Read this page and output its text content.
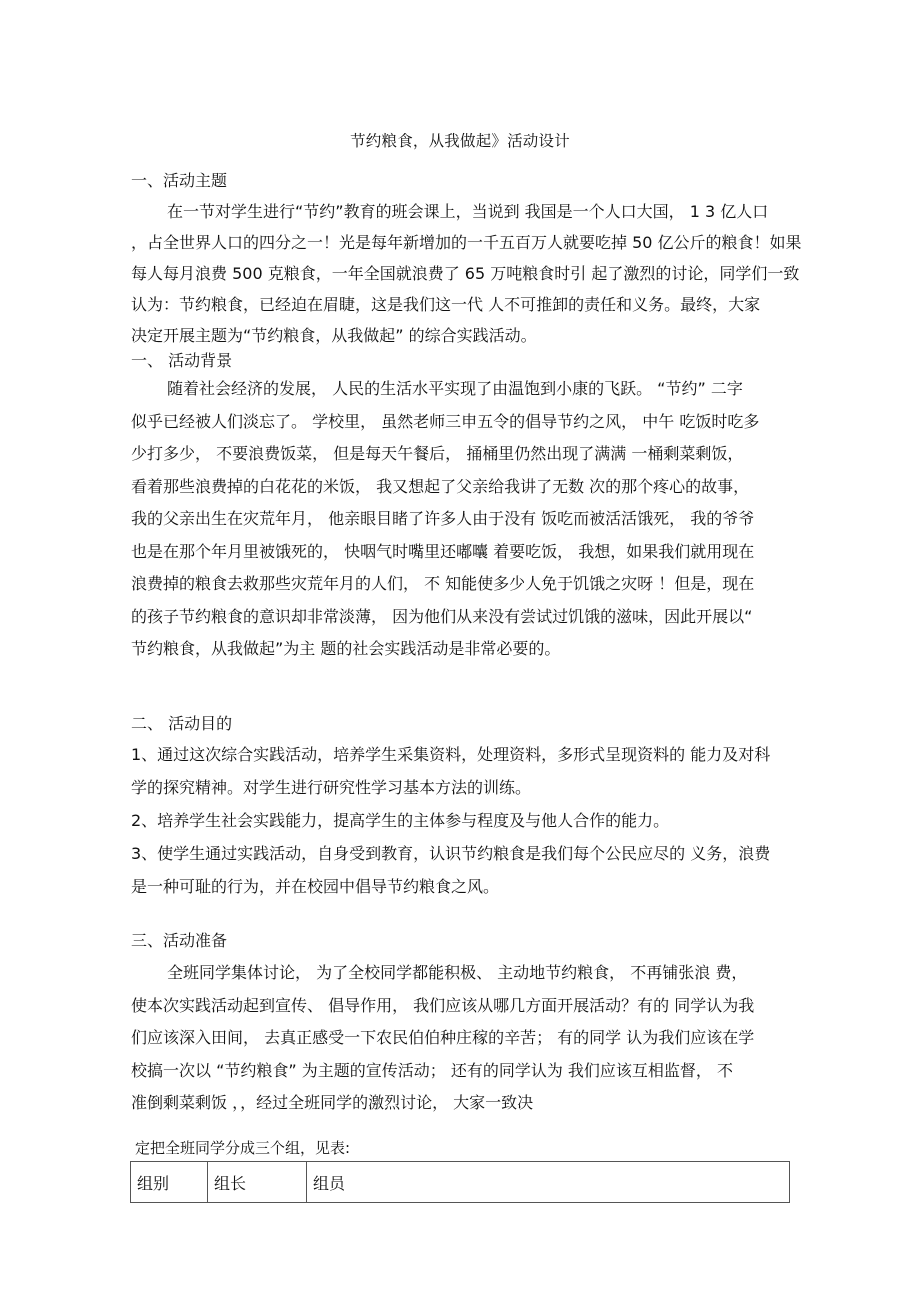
节约粮食，从我做起》活动设计
一、活动主题
在一节对学生进行“节约”教育的班会课上，当说到 我国是一个人口大国， 1 3 亿人口
，占全世界人口的四分之一！光是每年新增加的一千五百万人就要吃掉 50 亿公斤的粮食！如果
每人每月浪费 500 克粮食，一年全国就浪费了 65 万吨粮食时引 起了激烈的讨论，同学们一致
认为：节约粮食，已经迫在眉睫，这是我们这一代 人不可推卸的责任和义务。最终，大家
决定开展主题为“节约粮食，从我做起” 的综合实践活动。
一、 活动背景
随着社会经济的发展， 人民的生活水平实现了由温饱到小康的飞跃。 “节约” 二字
似乎已经被人们淡忘了。 学校里， 虽然老师三申五令的倡导节约之风， 中午 吃饭时吃多
少打多少， 不要浪费饭菜， 但是每天午餐后， 捅桶里仍然出现了满满 一桶剩菜剩饭，
看着那些浪费掉的白花花的米饭， 我又想起了父亲给我讲了无数 次的那个疼心的故事，
我的父亲出生在灾荒年月， 他亲眼目睹了许多人由于没有 饭吃而被活活饿死， 我的爷爷
也是在那个年月里被饿死的， 快咽气时嘴里还嘟囔 着要吃饭， 我想，如果我们就用现在
浪费掉的粮食去救那些灾荒年月的人们， 不 知能使多少人免于饥饿之灾呀 ！但是，现在
的孩子节约粮食的意识却非常淡薄， 因为他们从来没有尝试过饥饿的滋味，因此开展以“
节约粮食，从我做起”为主 题的社会实践活动是非常必要的。
二、 活动目的
1、通过这次综合实践活动，培养学生采集资料，处理资料，多形式呈现资料的 能力及对科
学的探究精神。对学生进行研究性学习基本方法的训练。
2、培养学生社会实践能力，提高学生的主体参与程度及与他人合作的能力。
3、使学生通过实践活动，自身受到教育，认识节约粮食是我们每个公民应尽的 义务，浪费
是一种可耻的行为，并在校园中倡导节约粮食之风。
三、活动准备
全班同学集体讨论， 为了全校同学都能积极、 主动地节约粮食， 不再铺张浪 费，
使本次实践活动起到宣传、 倡导作用， 我们应该从哪几方面开展活动？有的 同学认为我
们应该深入田间， 去真正感受一下农民伯伯种庄稼的辛苦； 有的同学 认为我们应该在学
校搞一次以 “节约粮食” 为主题的宣传活动； 还有的同学认为 我们应该互相监督， 不
准倒剩菜剩饭 ，，经过全班同学的激烈讨论， 大家一致决
定把全班同学分成三个组，见表:
组别	组长	组员
